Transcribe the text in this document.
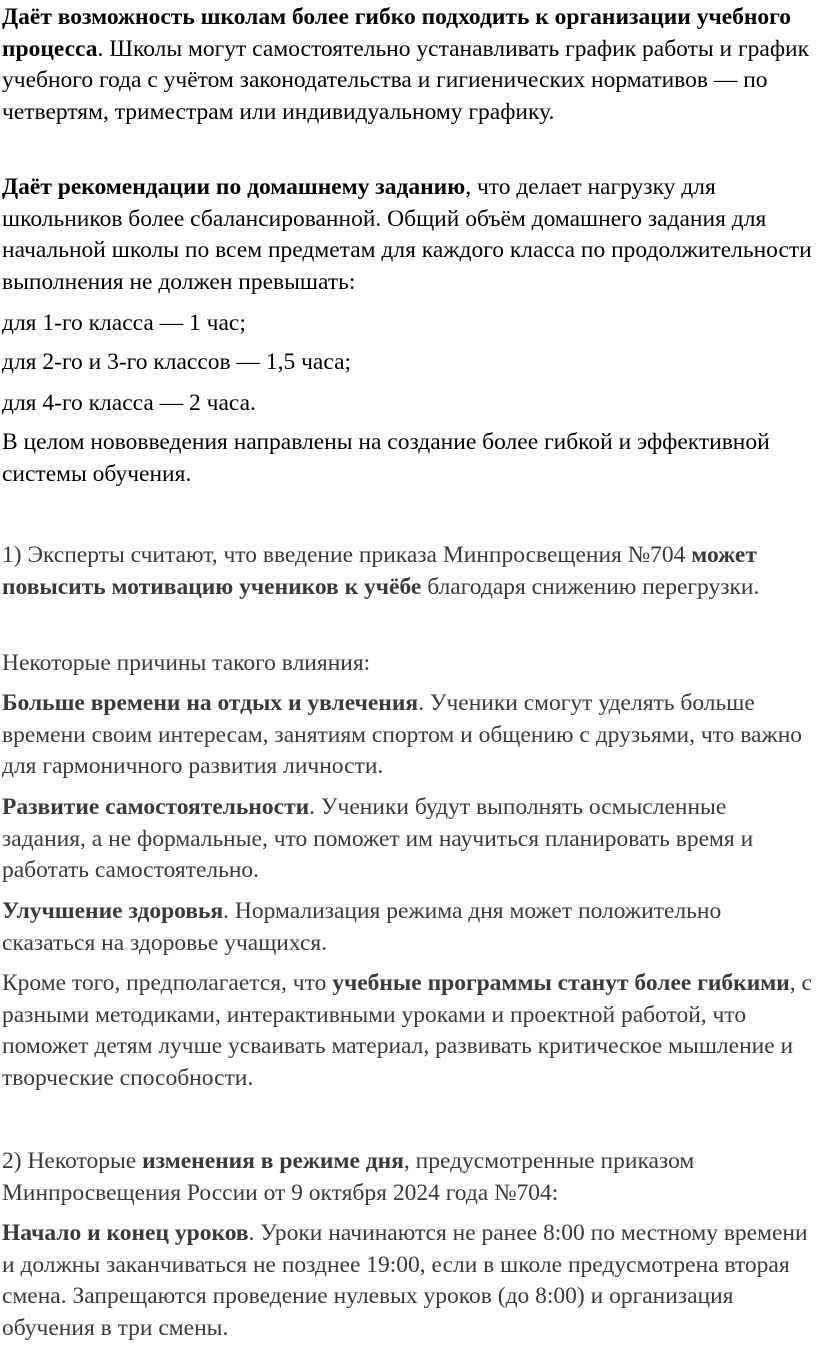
Даёт возможность школам более гибко подходить к организации учебного процесса. Школы могут самостоятельно устанавливать график работы и график учебного года с учётом законодательства и гигиенических нормативов — по четвертям, триместрам или индивидуальному графику.

Даёт рекомендации по домашнему заданию, что делает нагрузку для школьников более сбалансированной. Общий объём домашнего задания для начальной школы по всем предметам для каждого класса по продолжительности выполнения не должен превышать:

для 1-го класса — 1 час;

для 2-го и 3-го классов — 1,5 часа;

для 4-го класса — 2 часа.

В целом нововведения направлены на создание более гибкой и эффективной системы обучения.

1) Эксперты считают, что введение приказа Минпросвещения №704 может повысить мотивацию учеников к учёбе благодаря снижению перегрузки.

Некоторые причины такого влияния:

Больше времени на отдых и увлечения. Ученики смогут уделять больше времени своим интересам, занятиям спортом и общению с друзьями, что важно для гармоничного развития личности.

Развитие самостоятельности. Ученики будут выполнять осмысленные задания, а не формальные, что поможет им научиться планировать время и работать самостоятельно.

Улучшение здоровья. Нормализация режима дня может положительно сказаться на здоровье учащихся.

Кроме того, предполагается, что учебные программы станут более гибкими, с разными методиками, интерактивными уроками и проектной работой, что поможет детям лучше усваивать материал, развивать критическое мышление и творческие способности.

2) Некоторые изменения в режиме дня, предусмотренные приказом Минпросвещения России от 9 октября 2024 года №704:

Начало и конец уроков. Уроки начинаются не ранее 8:00 по местному времени и должны заканчиваться не позднее 19:00, если в школе предусмотрена вторая смена. Запрещаются проведение нулевых уроков (до 8:00) и организация обучения в три смены.
